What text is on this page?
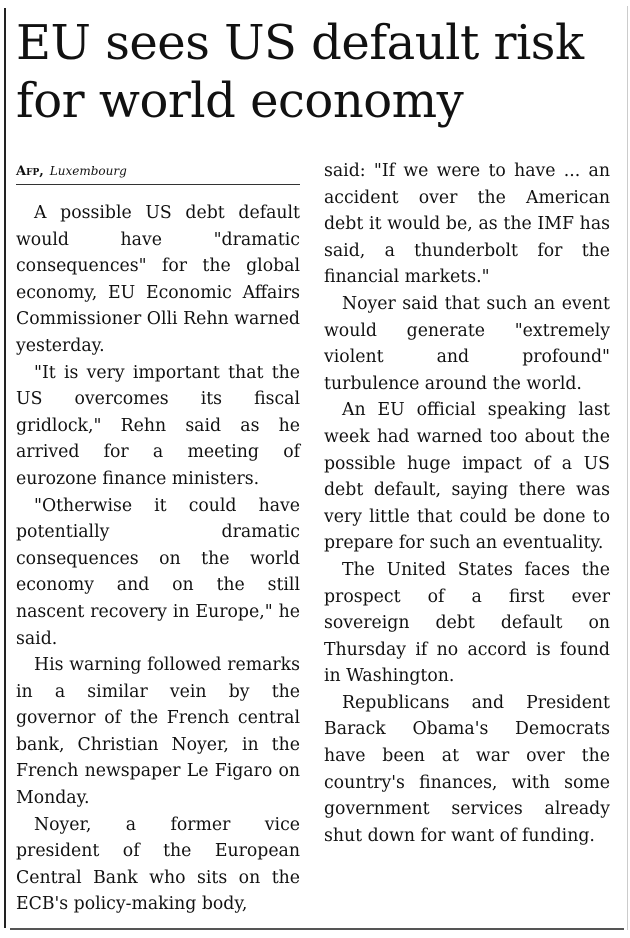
EU sees US default risk for world economy
Afp, Luxembourg

A possible US debt default would have "dramatic consequences" for the global economy, EU Economic Affairs Commissioner Olli Rehn warned yesterday.

"It is very important that the US overcomes its fiscal gridlock," Rehn said as he arrived for a meeting of eurozone finance ministers.

"Otherwise it could have potentially dramatic consequences on the world economy and on the still nascent recovery in Europe," he said.

His warning followed remarks in a similar vein by the governor of the French central bank, Christian Noyer, in the French newspaper Le Figaro on Monday.

Noyer, a former vice president of the European Central Bank who sits on the ECB's policy-making body,

said: "If we were to have ... an accident over the American debt it would be, as the IMF has said, a thunderbolt for the financial markets."

Noyer said that such an event would generate "extremely violent and profound" turbulence around the world.

An EU official speaking last week had warned too about the possible huge impact of a US debt default, saying there was very little that could be done to prepare for such an eventuality.

The United States faces the prospect of a first ever sovereign debt default on Thursday if no accord is found in Washington.

Republicans and President Barack Obama's Democrats have been at war over the country's finances, with some government services already shut down for want of funding.
